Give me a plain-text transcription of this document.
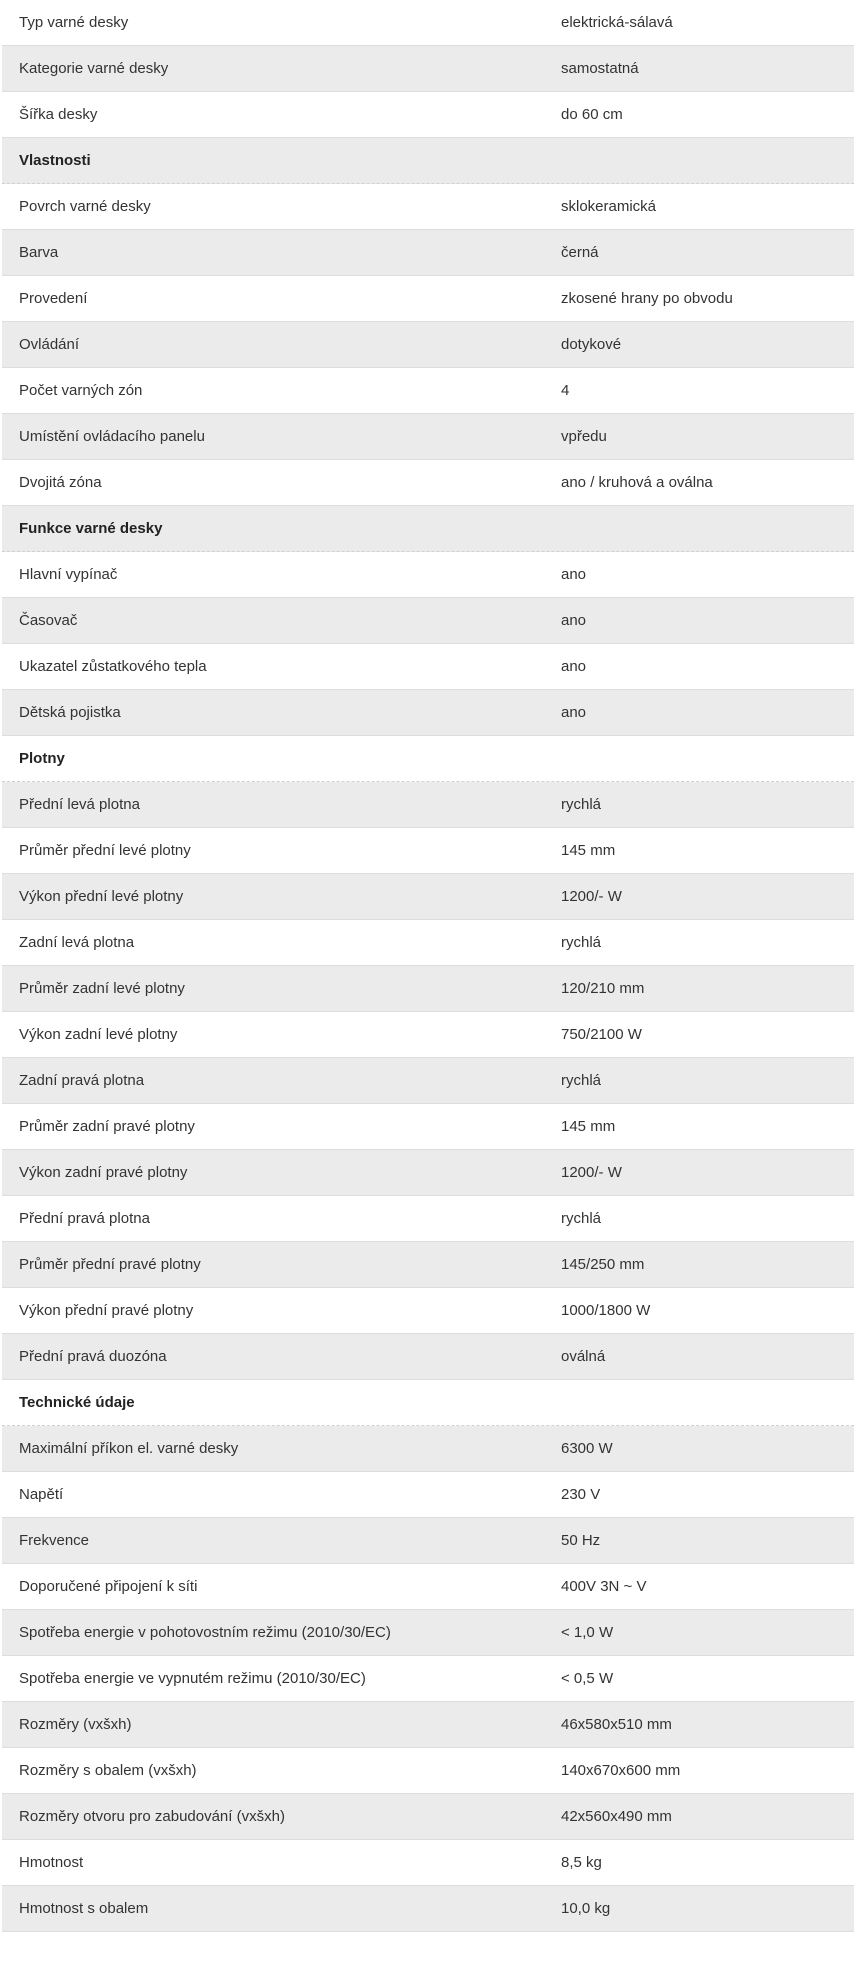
Typ varné desky	elektrická-sálavá
Kategorie varné desky	samostatná
Šířka desky	do 60 cm
Vlastnosti
Povrch varné desky	sklokeramická
Barva	černá
Provedení	zkosené hrany po obvodu
Ovládání	dotykové
Počet varných zón	4
Umístění ovládacího panelu	vpředu
Dvojitá zóna	ano / kruhová a oválna
Funkce varné desky
Hlavní vypínač	ano
Časovač	ano
Ukazatel zůstatkového tepla	ano
Dětská pojistka	ano
Plotny
Přední levá plotna	rychlá
Průměr přední levé plotny	145 mm
Výkon přední levé plotny	1200/- W
Zadní levá plotna	rychlá
Průměr zadní levé plotny	120/210 mm
Výkon zadní levé plotny	750/2100 W
Zadní pravá plotna	rychlá
Průměr zadní pravé plotny	145 mm
Výkon zadní pravé plotny	1200/- W
Přední pravá plotna	rychlá
Průměr přední pravé plotny	145/250 mm
Výkon přední pravé plotny	1000/1800 W
Přední pravá duozóna	oválná
Technické údaje
Maximální příkon el. varné desky	6300 W
Napětí	230 V
Frekvence	50 Hz
Doporučené připojení k síti	400V 3N ~ V
Spotřeba energie v pohotovostním režimu (2010/30/EC)	< 1,0 W
Spotřeba energie ve vypnutém režimu (2010/30/EC)	< 0,5 W
Rozměry (vxšxh)	46x580x510 mm
Rozměry s obalem (vxšxh)	140x670x600 mm
Rozměry otvoru pro zabudování (vxšxh)	42x560x490 mm
Hmotnost	8,5 kg
Hmotnost s obalem	10,0 kg
